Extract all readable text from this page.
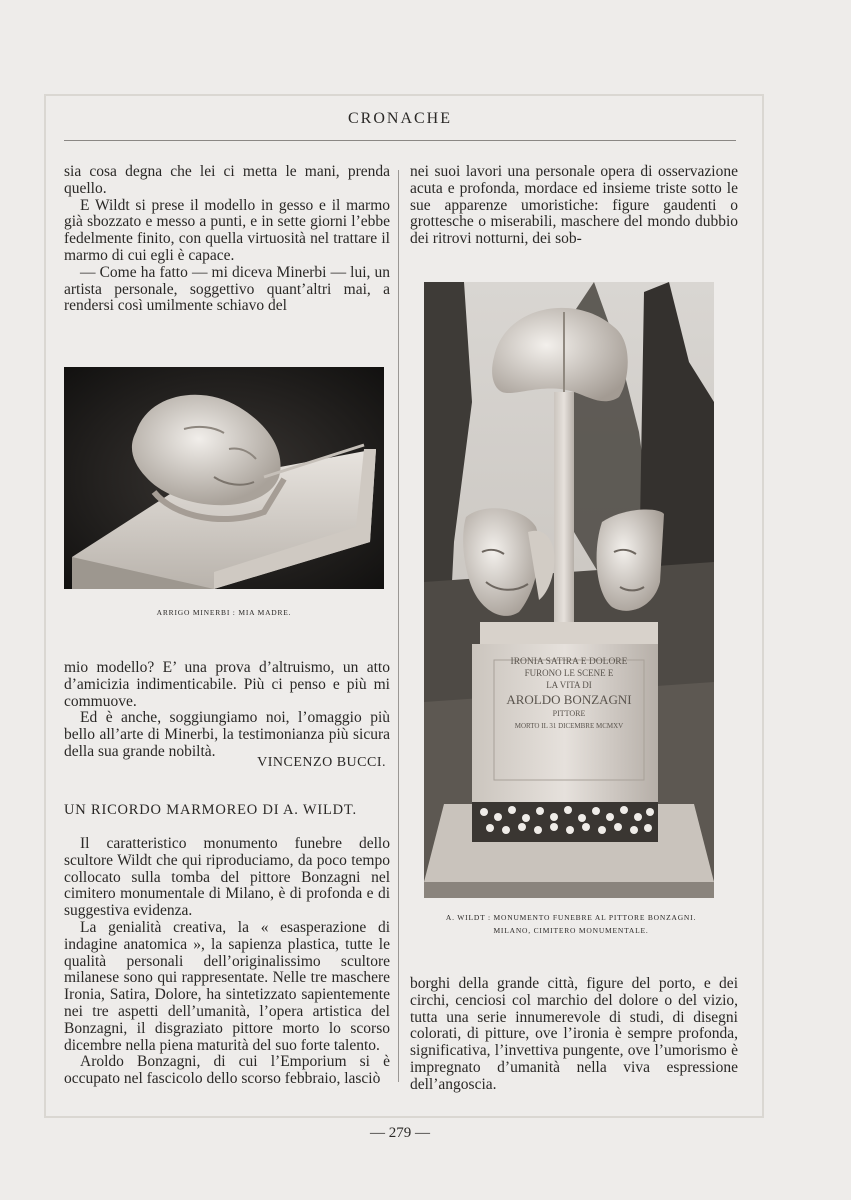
CRONACHE

sia cosa degna che lei ci metta le mani, prenda quello.

E Wildt si prese il modello in gesso e il marmo già sbozzato e messo a punti, e in sette giorni l’ebbe fedelmente finito, con quella virtuosità nel trattare il marmo di cui egli è capace.

— Come ha fatto — mi diceva Minerbi — lui, un artista personale, soggettivo quant’altri mai, a rendersi così umilmente schiavo del

ARRIGO MINERBI : MIA MADRE.

mio modello? E’ una prova d’altruismo, un atto d’amicizia indimenticabile. Più ci penso e più mi commuove.

Ed è anche, soggiungiamo noi, l’omaggio più bello all’arte di Minerbi, la testimonianza più sicura della sua grande nobiltà.

VINCENZO BUCCI.
UN RICORDO MARMOREO DI A. WILDT.

Il caratteristico monumento funebre dello scultore Wildt che qui riproduciamo, da poco tempo collocato sulla tomba del pittore Bonzagni nel cimitero monumentale di Milano, è di profonda e di suggestiva evidenza.

La genialità creativa, la « esasperazione di indagine anatomica », la sapienza plastica, tutte le qualità personali dell’originalissimo scultore milanese sono qui rappresentate. Nelle tre maschere Ironia, Satira, Dolore, ha sintetizzato sapientemente nei tre aspetti dell’umanità, l’opera artistica del Bonzagni, il disgraziato pittore morto lo scorso dicembre nella piena maturità del suo forte talento.

Aroldo Bonzagni, di cui l’Emporium si è occupato nel fascicolo dello scorso febbraio, lasciò

nei suoi lavori una personale opera di osservazione acuta e profonda, mordace ed insieme triste sotto le sue apparenze umoristiche: figure gaudenti o grottesche o miserabili, maschere del mondo dubbio dei ritrovi notturni, dei sob-

IRONIA SATIRA E DOLORE
FURONO LE SCENE E
LA VITA DI
AROLDO BONZAGNI
PITTORE
MORTO IL 31 DICEMBRE MCMXV
A. WILDT : MONUMENTO FUNEBRE AL PITTORE BONZAGNI.
MILANO, CIMITERO MONUMENTALE.

borghi della grande città, figure del porto, e dei circhi, cenciosi col marchio del dolore o del vizio, tutta una serie innumerevole di studi, di disegni colorati, di pitture, ove l’ironia è sempre profonda, significativa, l’invettiva pungente, ove l’umorismo è impregnato d’umanità nella viva espressione dell’angoscia.

— 279 —
